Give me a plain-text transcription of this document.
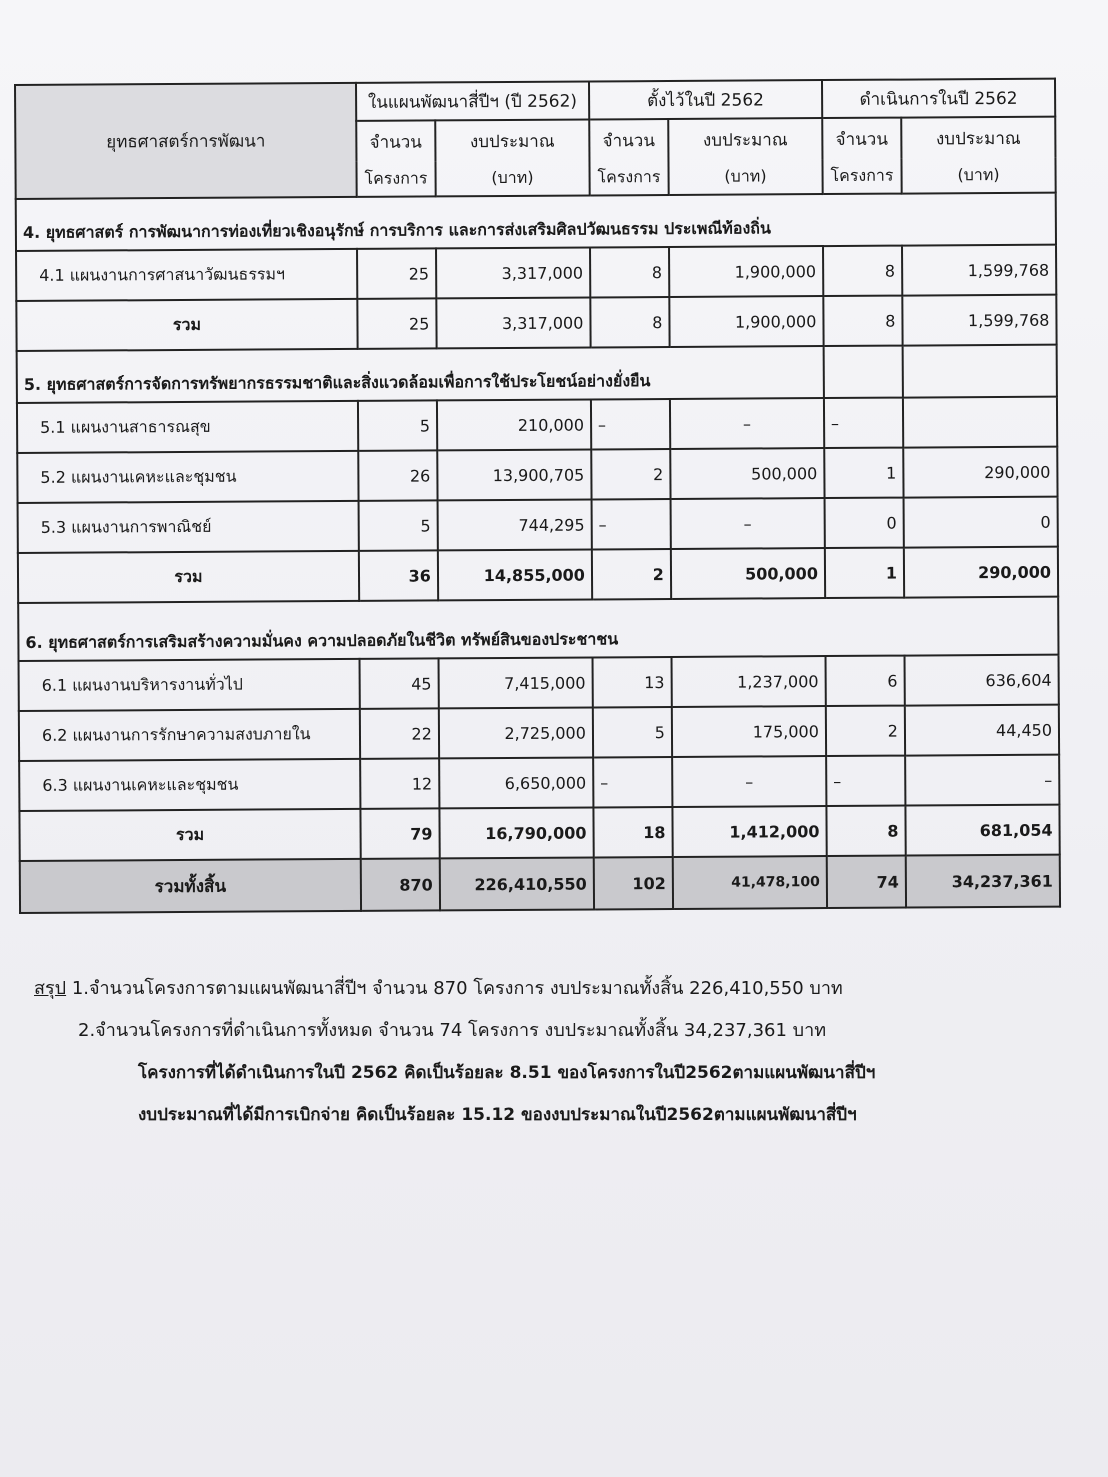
ยุทธศาสตร์การพัฒนา	ในแผนพัฒนาสี่ปีฯ (ปี 2562)		ตั้งไว้ในปี 2562		ดำเนินการในปี 2562	
	จำนวน	งบประมาณ	จำนวน	งบประมาณ	จำนวน	งบประมาณ
	โครงการ	(บาท)	โครงการ	(บาท)	โครงการ	(บาท)
4. ยุทธศาสตร์ การพัฒนาการท่องเที่ยวเชิงอนุรักษ์ การบริการ และการส่งเสริมศิลปวัฒนธรรม ประเพณีท้องถิ่น						
4.1 แผนงานการศาสนาวัฒนธรรมฯ	25	3,317,000	8	1,900,000	8	1,599,768
รวม	25	3,317,000	8	1,900,000	8	1,599,768
5. ยุทธศาสตร์การจัดการทรัพยากรธรรมชาติและสิ่งแวดล้อมเพื่อการใช้ประโยชน์อย่างยั่งยืน						
5.1 แผนงานสาธารณสุข	5	210,000	–	–	–	
5.2 แผนงานเคหะและชุมชน	26	13,900,705	2	500,000	1	290,000
5.3 แผนงานการพาณิชย์	5	744,295	–	–	0	0
รวม	36	14,855,000	2	500,000	1	290,000
6. ยุทธศาสตร์การเสริมสร้างความมั่นคง ความปลอดภัยในชีวิต ทรัพย์สินของประชาชน						
6.1 แผนงานบริหารงานทั่วไป	45	7,415,000	13	1,237,000	6	636,604
6.2 แผนงานการรักษาความสงบภายใน	22	2,725,000	5	175,000	2	44,450
6.3 แผนงานเคหะและชุมชน	12	6,650,000	–	–	–	–
รวม	79	16,790,000	18	1,412,000	8	681,054
รวมทั้งสิ้น	870	226,410,550	102	41,478,100	74	34,237,361
สรุป 1.จำนวนโครงการตามแผนพัฒนาสี่ปีฯ จำนวน 870 โครงการ งบประมาณทั้งสิ้น 226,410,550 บาท
2.จำนวนโครงการที่ดำเนินการทั้งหมด จำนวน 74 โครงการ งบประมาณทั้งสิ้น 34,237,361 บาท
โครงการที่ได้ดำเนินการในปี 2562 คิดเป็นร้อยละ 8.51 ของโครงการในปี2562ตามแผนพัฒนาสี่ปีฯ
งบประมาณที่ได้มีการเบิกจ่าย คิดเป็นร้อยละ 15.12 ของงบประมาณในปี2562ตามแผนพัฒนาสี่ปีฯ
